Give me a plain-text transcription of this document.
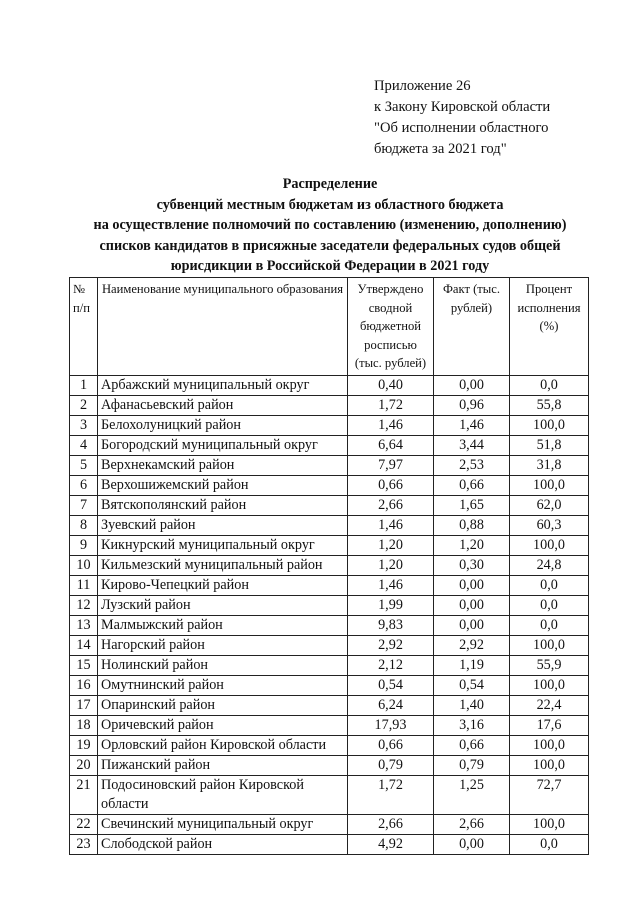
Приложение 26
к Закону Кировской области
"Об исполнении областного
бюджета за 2021 год"
Распределение
субвенций местным бюджетам из областного бюджета
на осуществление полномочий по составлению (изменению, дополнению)
списков кандидатов в присяжные заседатели федеральных судов общей
юрисдикции в Российской Федерации в 2021 году
№ п/п	Наименование муниципального образования	Утверждено сводной бюджетной росписью (тыс. рублей)	Факт (тыс. рублей)	Процент исполнения (%)
1	Арбажский муниципальный округ	0,40	0,00	0,0
2	Афанасьевский район	1,72	0,96	55,8
3	Белохолуницкий район	1,46	1,46	100,0
4	Богородский муниципальный округ	6,64	3,44	51,8
5	Верхнекамский район	7,97	2,53	31,8
6	Верхошижемский район	0,66	0,66	100,0
7	Вятскополянский район	2,66	1,65	62,0
8	Зуевский район	1,46	0,88	60,3
9	Кикнурский муниципальный округ	1,20	1,20	100,0
10	Кильмезский муниципальный район	1,20	0,30	24,8
11	Кирово-Чепецкий район	1,46	0,00	0,0
12	Лузский район	1,99	0,00	0,0
13	Малмыжский район	9,83	0,00	0,0
14	Нагорский район	2,92	2,92	100,0
15	Нолинский район	2,12	1,19	55,9
16	Омутнинский район	0,54	0,54	100,0
17	Опаринский район	6,24	1,40	22,4
18	Оричевский район	17,93	3,16	17,6
19	Орловский район Кировской области	0,66	0,66	100,0
20	Пижанский район	0,79	0,79	100,0
21	Подосиновский район Кировской области	1,72	1,25	72,7
22	Свечинский муниципальный округ	2,66	2,66	100,0
23	Слободской район	4,92	0,00	0,0
